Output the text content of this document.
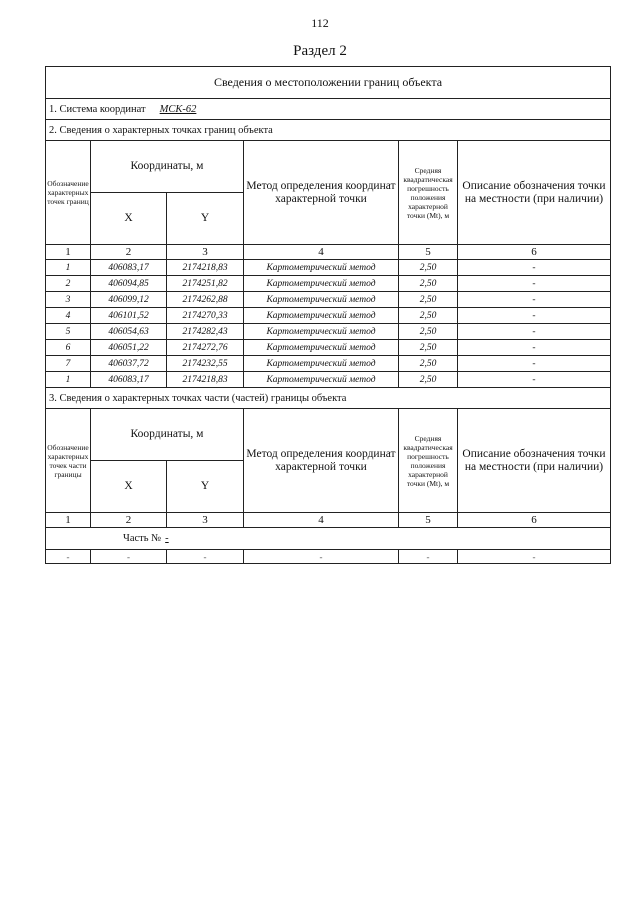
112
Раздел 2
Сведения о местоположении границ объекта					
1. Система координат МСК-62					
2. Сведения о характерных точках границ объекта					
Обозначение характерных точек границ	Координаты, м		Метод определения координат характерной точки	Средняя квадратическая погрешность положения характерной точки (Mt), м	Описание обозначения точки на местности (при наличии)
	X	Y			
1	2	3	4	5	6
1	406083,17	2174218,83	Картометрический метод	2,50	-
2	406094,85	2174251,82	Картометрический метод	2,50	-
3	406099,12	2174262,88	Картометрический метод	2,50	-
4	406101,52	2174270,33	Картометрический метод	2,50	-
5	406054,63	2174282,43	Картометрический метод	2,50	-
6	406051,22	2174272,76	Картометрический метод	2,50	-
7	406037,72	2174232,55	Картометрический метод	2,50	-
1	406083,17	2174218,83	Картометрический метод	2,50	-
3. Сведения о характерных точках части (частей) границы объекта					
Обозначение характерных точек части границы	Координаты, м		Метод определения координат характерной точки	Средняя квадратическая погрешность положения характерной точки (Mt), м	Описание обозначения точки на местности (при наличии)
	X	Y			
1	2	3	4	5	6
Часть № -					
-	-	-	-	-	-
